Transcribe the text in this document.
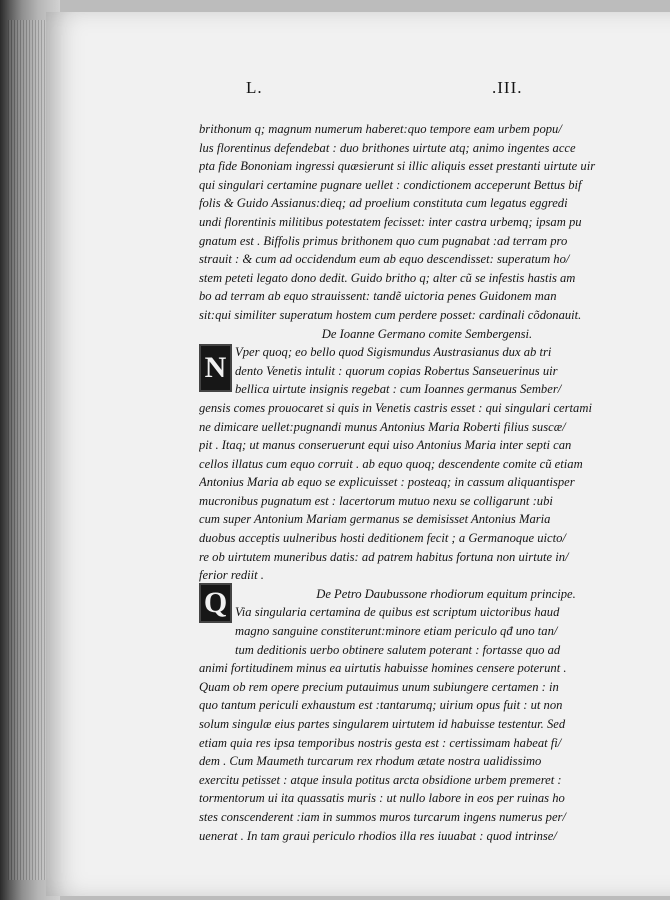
L.	.III.
brithonum q; magnum numerum haberet:quo tempore eam urbem popu/
lus florentinus defendebat : duo brithones uirtute atq; animo ingentes acce
pta fide Bononiam ingressi quæsierunt si illic aliquis esset prestanti uirtute uir
qui singulari certamine pugnare uellet : condictionem acceperunt Bettus bif
folis & Guido Assianus:dieq; ad proelium constituta cum legatus eggredi
undi florentinis militibus potestatem fecisset: inter castra urbemq; ipsam pu
gnatum est . Biffolis primus brithonem quo cum pugnabat :ad terram pro
strauit : & cum ad occidendum eum ab equo descendisset: superatum ho/
stem peteti legato dono dedit. Guido britho q; alter cũ se infestis hastis am
bo ad terram ab equo strauissent: tandẽ uictoria penes Guidonem man
sit:qui similiter superatum hostem cum perdere posset: cardinali cõdonauit.
De Ioanne Germano comite Sembergensi.
Vper quoq; eo bello quod Sigismundus Austrasianus dux ab tri
dento Venetis intulit : quorum copias Robertus Sanseuerinus uir
bellica uirtute insignis regebat : cum Ioannes germanus Sember/
gensis comes prouocaret si quis in Venetis castris esset : qui singulari certami
ne dimicare uellet:pugnandi munus Antonius Maria Roberti filius suscæ/
pit . Itaq; ut manus conseruerunt equi uiso Antonius Maria inter septi can
cellos illatus cum equo corruit . ab equo quoq; descendente comite cũ etiam
Antonius Maria ab equo se explicuisset : posteaq; in cassum aliquantisper
mucronibus pugnatum est : lacertorum mutuo nexu se colligarunt :ubi
cum super Antonium Mariam germanus se demisisset Antonius Maria
duobus acceptis uulneribus hosti deditionem fecit ; a Germanoque uicto/
re ob uirtutem muneribus datis: ad patrem habitus fortuna non uirtute in/
ferior rediit .
De Petro Daubussone rhodiorum equitum principe.
Via singularia certamina de quibus est scriptum uictoribus haud
magno sanguine constiterunt:minore etiam periculo qđ uno tan/
tum deditionis uerbo obtinere salutem poterant : fortasse quo ad
animi fortitudinem minus ea uirtutis habuisse homines censere poterunt .
Quam ob rem opere precium putauimus unum subiungere certamen : in
quo tantum periculi exhaustum est :tantarumq; uirium opus fuit : ut non
solum singulæ eius partes singularem uirtutem id habuisse testentur. Sed
etiam quia res ipsa temporibus nostris gesta est : certissimam habeat fi/
dem . Cum Maumeth turcarum rex rhodum ætate nostra ualidissimo
exercitu petisset : atque insula potitus arcta obsidione urbem premeret :
tormentorum ui ita quassatis muris : ut nullo labore in eos per ruinas ho
stes conscenderent :iam in summos muros turcarum ingens numerus per/
uenerat . In tam graui periculo rhodios illa res iuuabat : quod intrinse/
N
Q
